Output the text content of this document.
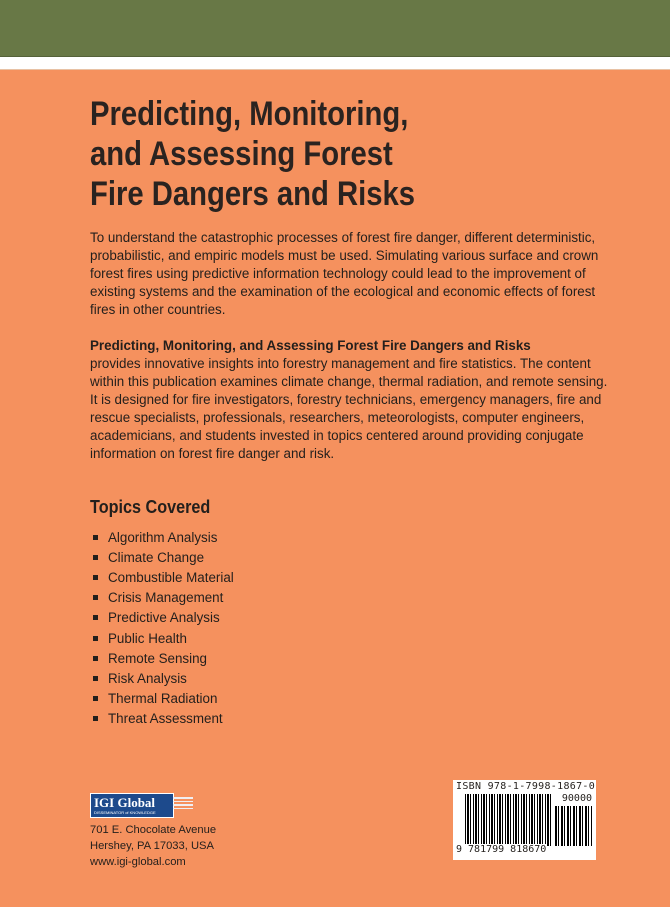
Predicting, Monitoring,
and Assessing Forest
Fire Dangers and Risks
To understand the catastrophic processes of forest fire danger, different deterministic, probabilistic, and empiric models must be used. Simulating various surface and crown forest fires using predictive information technology could lead to the improvement of existing systems and the examination of the ecological and economic effects of forest fires in other countries.
Predicting, Monitoring, and Assessing Forest Fire Dangers and Risks
provides innovative insights into forestry management and fire statistics. The content within this publication examines climate change, thermal radiation, and remote sensing. It is designed for fire investigators, forestry technicians, emergency managers, fire and rescue specialists, professionals, researchers, meteorologists, computer engineers, academicians, and students invested in topics centered around providing conjugate information on forest fire danger and risk.
Topics Covered
Algorithm Analysis
Climate Change
Combustible Material
Crisis Management
Predictive Analysis
Public Health
Remote Sensing
Risk Analysis
Thermal Radiation
Threat Assessment
IGI Global
DISSEMINATOR of KNOWLEDGE
701 E. Chocolate Avenue
Hershey, PA 17033, USA
www.igi-global.com
ISBN 978-1-7998-1867-0
90000
9 781799 818670
